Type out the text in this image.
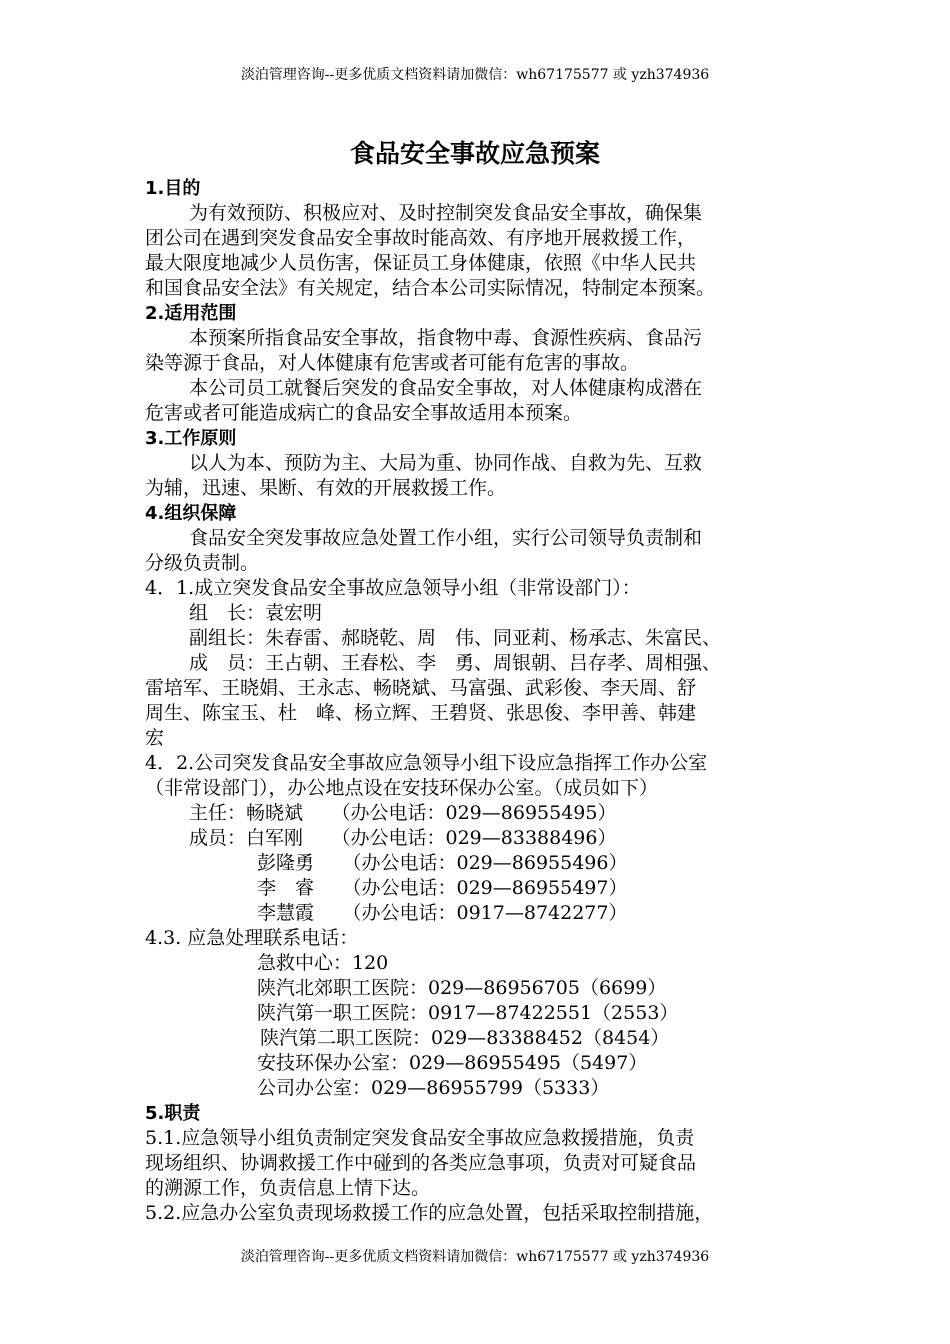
淡泊管理咨询--更多优质文档资料请加微信：wh67175577 或 yzh374936
食品安全事故应急预案
1.目的
为有效预防、积极应对、及时控制突发食品安全事故，确保集
团公司在遇到突发食品安全事故时能高效、有序地开展救援工作，
最大限度地减少人员伤害，保证员工身体健康，依照《中华人民共
和国食品安全法》有关规定，结合本公司实际情况，特制定本预案。
2.适用范围
本预案所指食品安全事故，指食物中毒、食源性疾病、食品污
染等源于食品，对人体健康有危害或者可能有危害的事故。
本公司员工就餐后突发的食品安全事故，对人体健康构成潜在
危害或者可能造成病亡的食品安全事故适用本预案。
3.工作原则
以人为本、预防为主、大局为重、协同作战、自救为先、互救
为辅，迅速、果断、有效的开展救援工作。
4.组织保障
食品安全突发事故应急处置工作小组，实行公司领导负责制和
分级负责制。
4．1.成立突发食品安全事故应急领导小组（非常设部门）：
组　长：袁宏明
副组长：朱春雷、郝晓乾、周　伟、同亚莉、杨承志、朱富民、
成　员：王占朝、王春松、李　勇、周银朝、吕存孝、周相强、
雷培军、王晓娟、王永志、畅晓斌、马富强、武彩俊、李天周、舒
周生、陈宝玉、杜　峰、杨立辉、王碧贤、张思俊、李甲善、韩建
宏
4．2.公司突发食品安全事故应急领导小组下设应急指挥工作办公室
（非常设部门），办公地点设在安技环保办公室。（成员如下）
主任：畅晓斌　　（办公电话：029—86955495）
成员：白军刚　　（办公电话：029—83388496）
彭隆勇　　（办公电话：029—86955496）
李　睿　　（办公电话：029—86955497）
李慧霞　　（办公电话：0917—8742277）
4.3. 应急处理联系电话：
急救中心：120
陕汽北郊职工医院：029—86956705（6699）
陕汽第一职工医院：0917—87422551（2553）
陕汽第二职工医院：029—83388452（8454）
安技环保办公室：029—86955495（5497）
公司办公室：029—86955799（5333）
5.职责
5.1.应急领导小组负责制定突发食品安全事故应急救援措施，负责
现场组织、协调救援工作中碰到的各类应急事项，负责对可疑食品
的溯源工作，负责信息上情下达。
5.2.应急办公室负责现场救援工作的应急处置，包括采取控制措施，
淡泊管理咨询--更多优质文档资料请加微信：wh67175577 或 yzh374936
